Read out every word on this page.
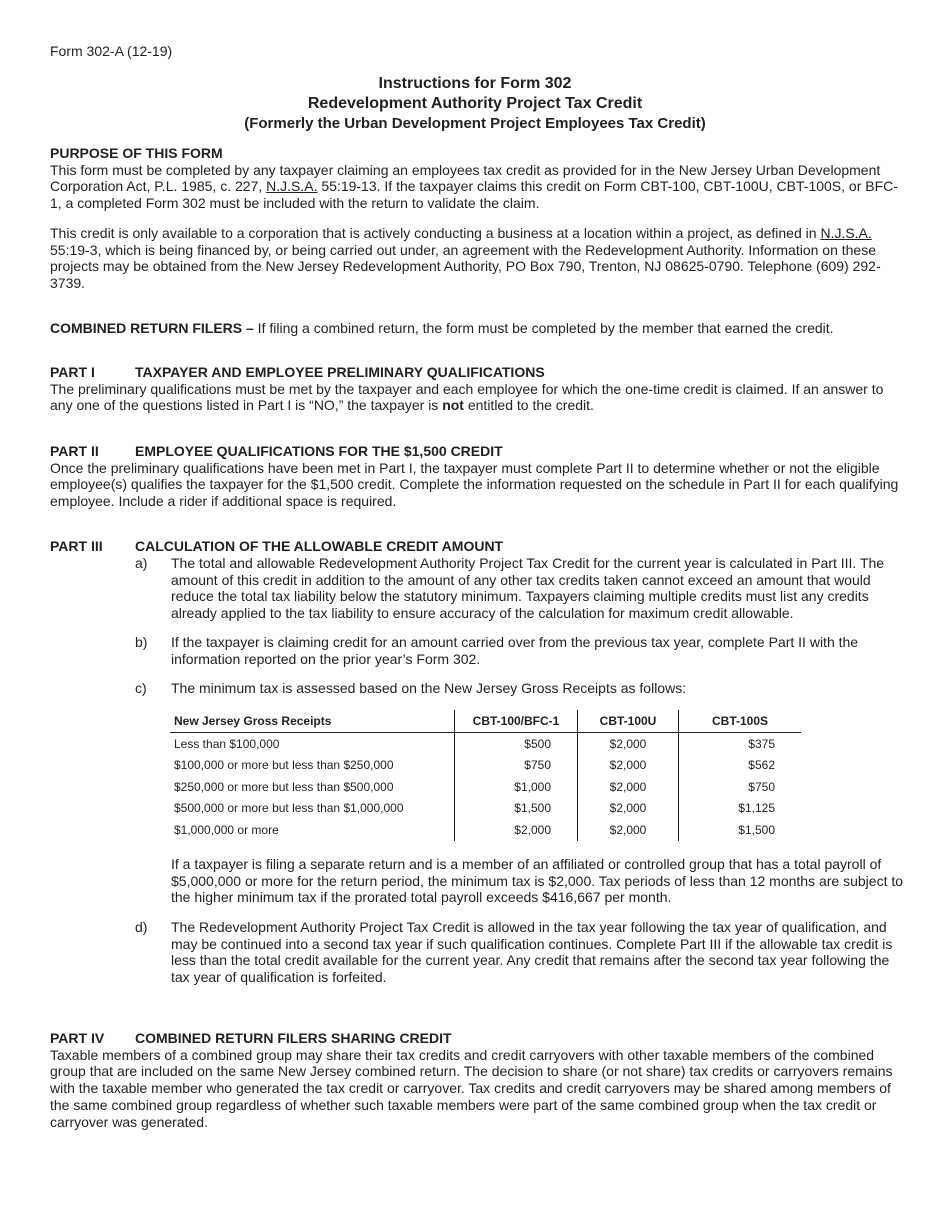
Form 302-A (12-19)
Instructions for Form 302
Redevelopment Authority Project Tax Credit
(Formerly the Urban Development Project Employees Tax Credit)
PURPOSE OF THIS FORM
This form must be completed by any taxpayer claiming an employees tax credit as provided for in the New Jersey Urban Development Corporation Act, P.L. 1985, c. 227, N.J.S.A. 55:19-13. If the taxpayer claims this credit on Form CBT-100, CBT-100U, CBT-100S, or BFC-1, a completed Form 302 must be included with the return to validate the claim.
This credit is only available to a corporation that is actively conducting a business at a location within a project, as defined in N.J.S.A. 55:19-3, which is being financed by, or being carried out under, an agreement with the Redevelopment Authority. Information on these projects may be obtained from the New Jersey Redevelopment Authority, PO Box 790, Trenton, NJ 08625-0790. Telephone (609) 292-3739.
COMBINED RETURN FILERS – If filing a combined return, the form must be completed by the member that earned the credit.
PART I	TAXPAYER AND EMPLOYEE PRELIMINARY QUALIFICATIONS
The preliminary qualifications must be met by the taxpayer and each employee for which the one-time credit is claimed. If an answer to any one of the questions listed in Part I is “NO,” the taxpayer is not entitled to the credit.
PART II	EMPLOYEE QUALIFICATIONS FOR THE $1,500 CREDIT
Once the preliminary qualifications have been met in Part I, the taxpayer must complete Part II to determine whether or not the eligible employee(s) qualifies the taxpayer for the $1,500 credit. Complete the information requested on the schedule in Part II for each qualifying employee. Include a rider if additional space is required.
PART III	CALCULATION OF THE ALLOWABLE CREDIT AMOUNT
a)	The total and allowable Redevelopment Authority Project Tax Credit for the current year is calculated in Part III. The amount of this credit in addition to the amount of any other tax credits taken cannot exceed an amount that would reduce the total tax liability below the statutory minimum. Taxpayers claiming multiple credits must list any credits already applied to the tax liability to ensure accuracy of the calculation for maximum credit allowable.
b)	If the taxpayer is claiming credit for an amount carried over from the previous tax year, complete Part II with the information reported on the prior year’s Form 302.
c)	The minimum tax is assessed based on the New Jersey Gross Receipts as follows:
New Jersey Gross Receipts	CBT-100/BFC-1	CBT-100U	CBT-100S
Less than $100,000	$500	$2,000	$375
$100,000 or more but less than $250,000	$750	$2,000	$562
$250,000 or more but less than $500,000	$1,000	$2,000	$750
$500,000 or more but less than $1,000,000	$1,500	$2,000	$1,125
$1,000,000 or more	$2,000	$2,000	$1,500
If a taxpayer is filing a separate return and is a member of an affiliated or controlled group that has a total payroll of $5,000,000 or more for the return period, the minimum tax is $2,000. Tax periods of less than 12 months are subject to the higher minimum tax if the prorated total payroll exceeds $416,667 per month.
d)	The Redevelopment Authority Project Tax Credit is allowed in the tax year following the tax year of qualification, and may be continued into a second tax year if such qualification continues. Complete Part III if the allowable tax credit is less than the total credit available for the current year. Any credit that remains after the second tax year following the tax year of qualification is forfeited.
PART IV	COMBINED RETURN FILERS SHARING CREDIT
Taxable members of a combined group may share their tax credits and credit carryovers with other taxable members of the combined group that are included on the same New Jersey combined return. The decision to share (or not share) tax credits or carryovers remains with the taxable member who generated the tax credit or carryover. Tax credits and credit carryovers may be shared among members of the same combined group regardless of whether such taxable members were part of the same combined group when the tax credit or carryover was generated.
